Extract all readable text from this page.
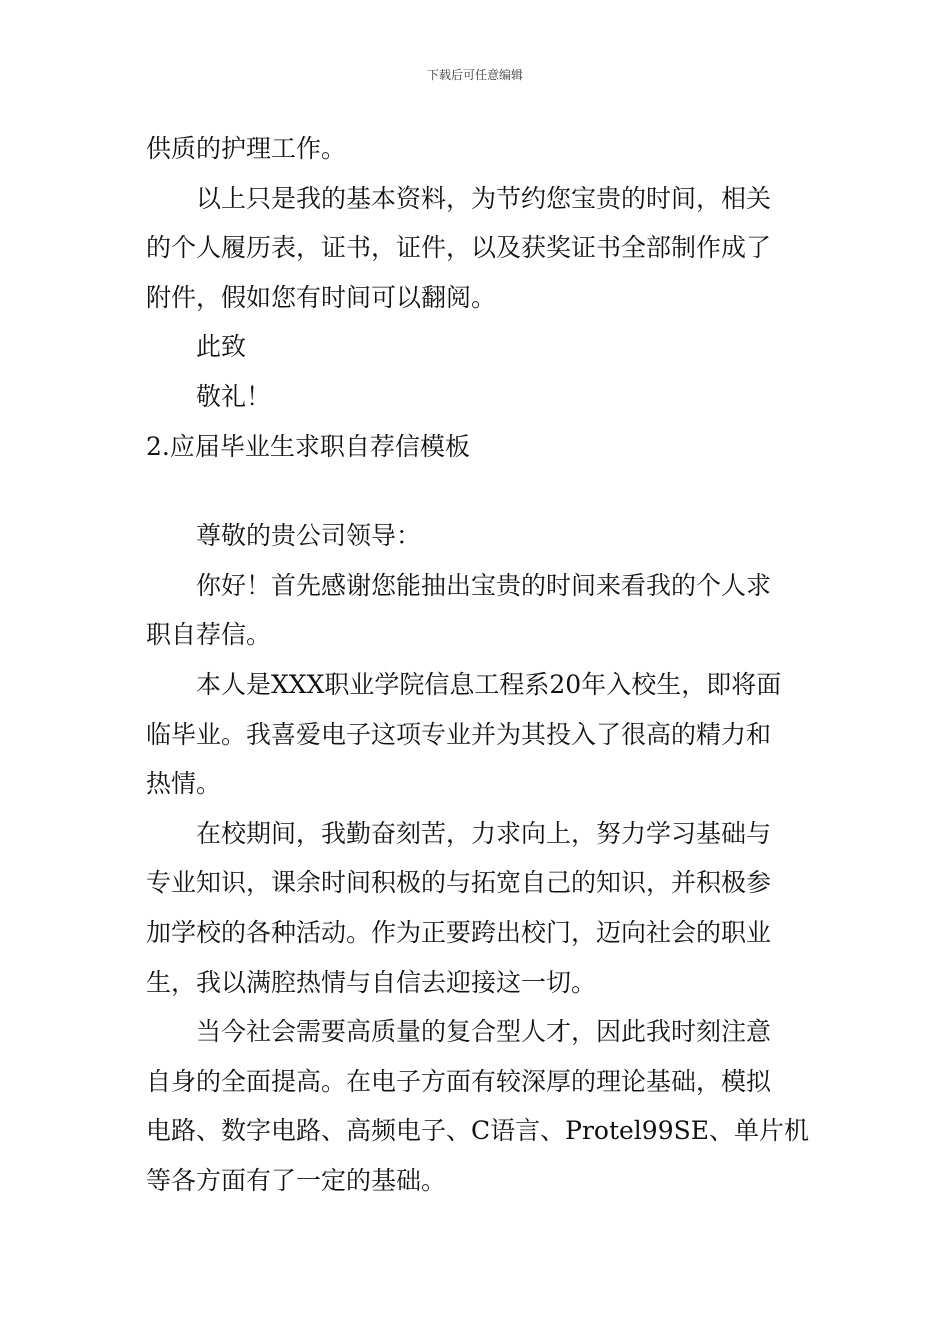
下载后可任意编辑

供质的护理工作。

以上只是我的基本资料，为节约您宝贵的时间，相关
的个人履历表，证书，证件，以及获奖证书全部制作成了
附件，假如您有时间可以翻阅。

此致

敬礼！

2.应届毕业生求职自荐信模板

尊敬的贵公司领导：

你好！首先感谢您能抽出宝贵的时间来看我的个人求
职自荐信。

本人是XXX职业学院信息工程系20年入校生，即将面
临毕业。我喜爱电子这项专业并为其投入了很高的精力和
热情。

在校期间，我勤奋刻苦，力求向上，努力学习基础与
专业知识，课余时间积极的与拓宽自己的知识，并积极参
加学校的各种活动。作为正要跨出校门，迈向社会的职业
生，我以满腔热情与自信去迎接这一切。

当今社会需要高质量的复合型人才，因此我时刻注意
自身的全面提高。在电子方面有较深厚的理论基础，模拟
电路、数字电路、高频电子、C语言、Protel99SE、单片机
等各方面有了一定的基础。
